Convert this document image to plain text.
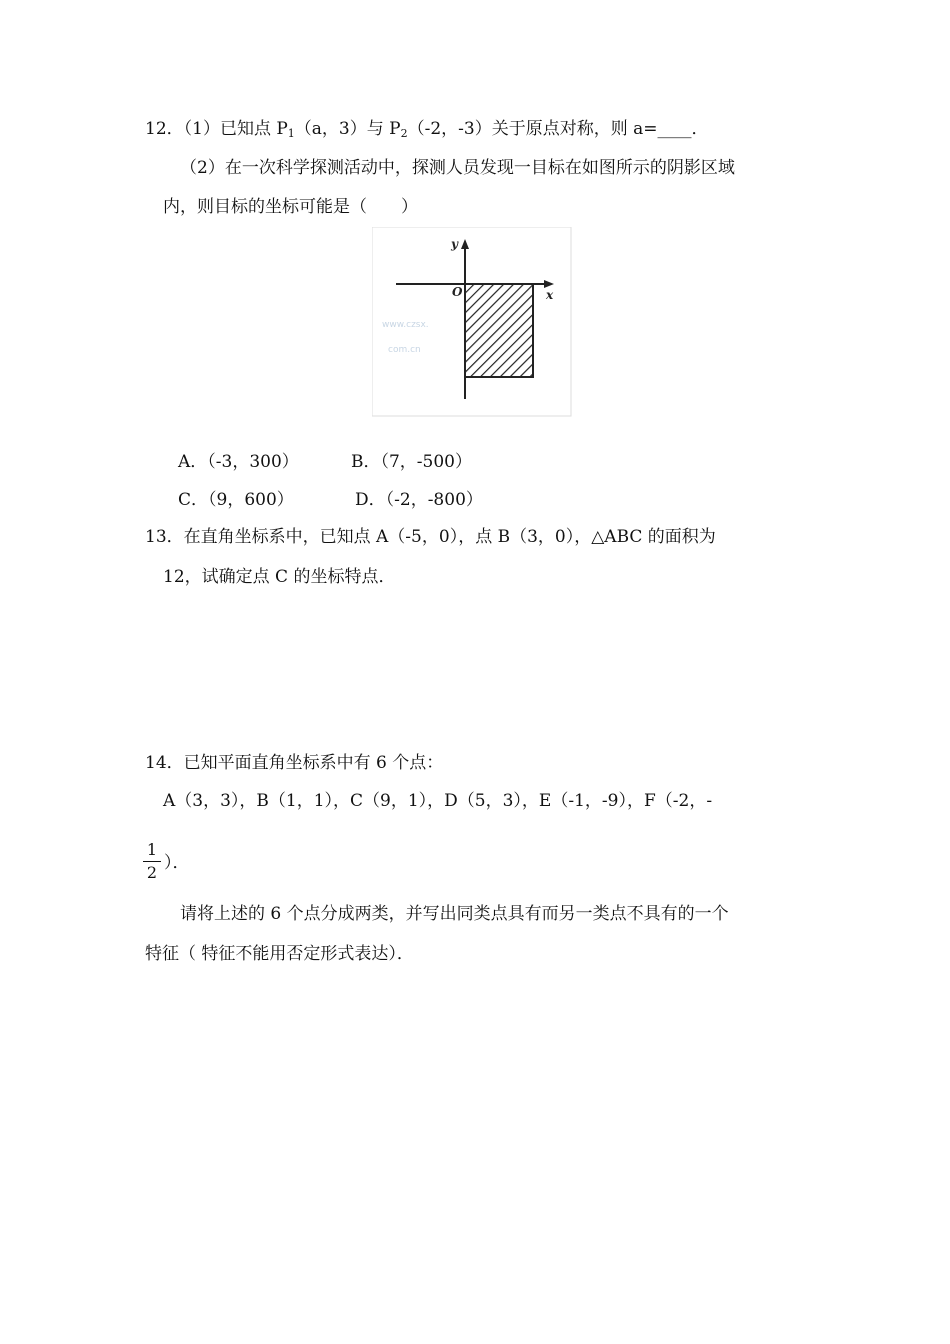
12．（1）已知点 $P_1(a$，3）与 $P_2(-2$，-3）关于原点对称，则 a=____．
（2）在一次科学探测活动中，探测人员发现一目标在如图所示的阴影区域
内，则目标的坐标可能是（　　）
y
x
O
www.czsx.
com.cn
A．（-3，300）	B．（7，-500）
C．（9，600）	D．（-2，-800）
13．在直角坐标系中，已知点 A（-5，0），点 B（3，0），△ABC 的面积为
12，试确定点 C 的坐标特点．
14．已知平面直角坐标系中有 6 个点：
A（3，3），B（1，1），C（9，1），D（5，3），E（-1，-9），F（-2，-
1
2 ）．
请将上述的 6 个点分成两类，并写出同类点具有而另一类点不具有的一个
特征（ 特征不能用否定形式表达）．
